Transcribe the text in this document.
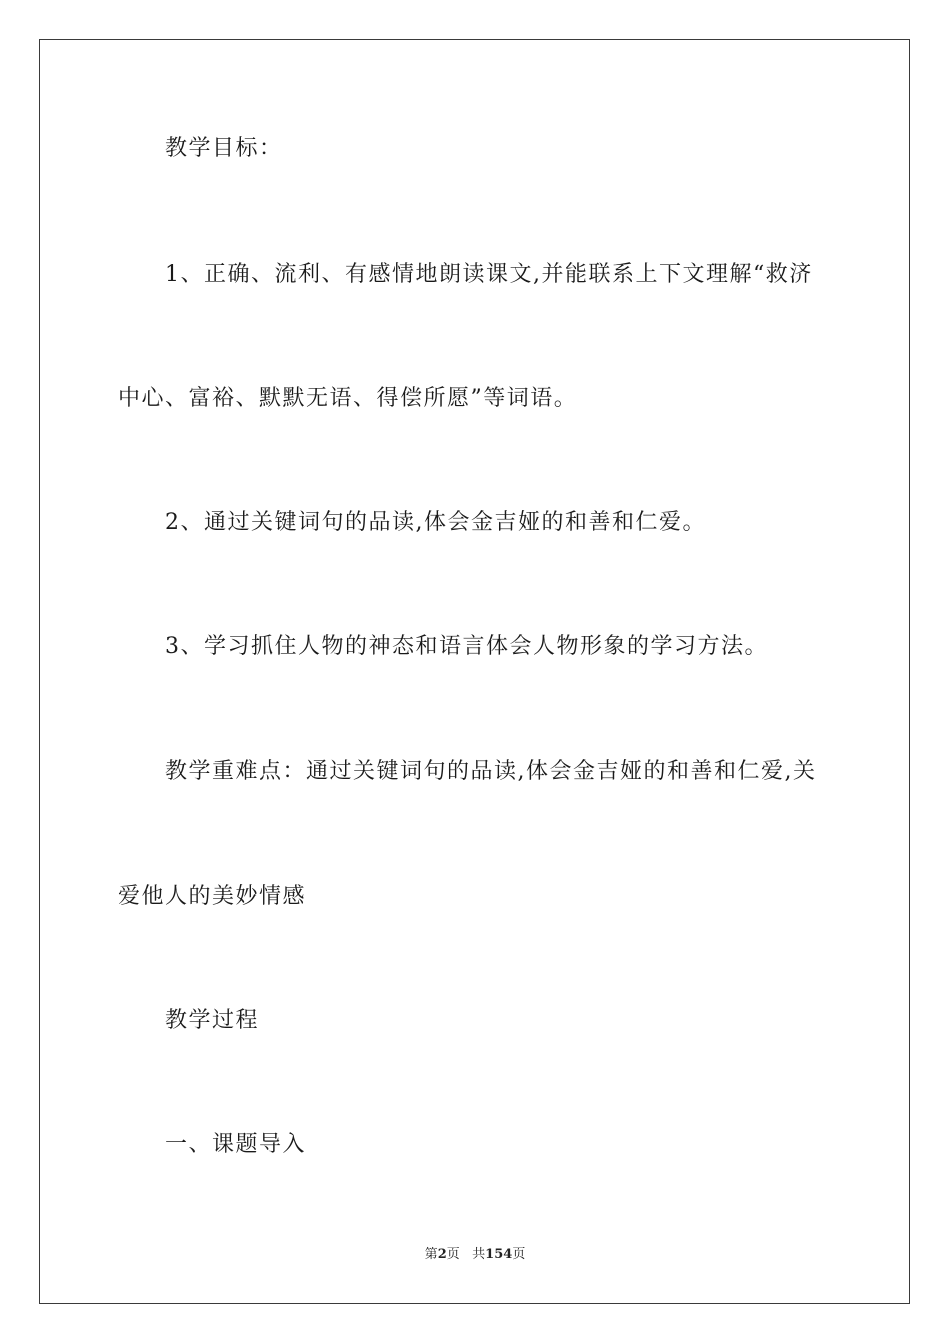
教学目标：
1、正确、流利、有感情地朗读课文,并能联系上下文理解“救济
中心、富裕、默默无语、得偿所愿”等词语。
2、通过关键词句的品读,体会金吉娅的和善和仁爱。
3、学习抓住人物的神态和语言体会人物形象的学习方法。
教学重难点：通过关键词句的品读,体会金吉娅的和善和仁爱,关
爱他人的美妙情感
教学过程
一、课题导入
第2页 共154页
